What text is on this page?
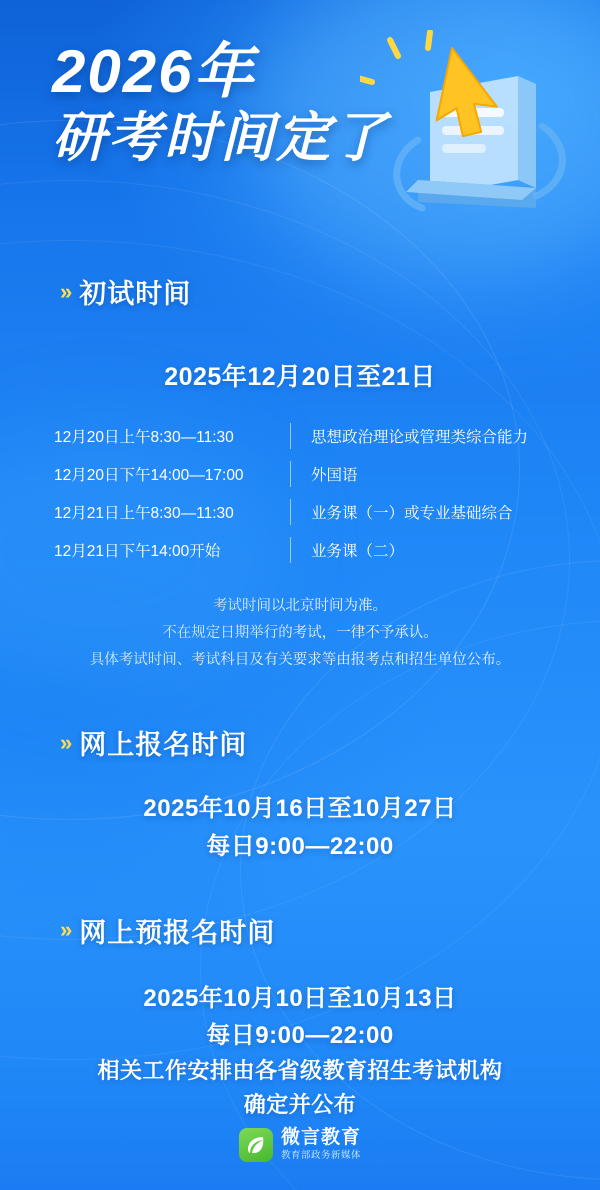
2026年
研考时间定了
» 初试时间
2025年12月20日至21日
12月20日上午8:30—11:30	思想政治理论或管理类综合能力
12月20日下午14:00—17:00	外国语
12月21日上午8:30—11:30	业务课（一）或专业基础综合
12月21日下午14:00开始	业务课（二）
考试时间以北京时间为准。
不在规定日期举行的考试，一律不予承认。
具体考试时间、考试科目及有关要求等由报考点和招生单位公布。
» 网上报名时间
2025年10月16日至10月27日
每日9:00—22:00
» 网上预报名时间
2025年10月10日至10月13日
每日9:00—22:00
相关工作安排由各省级教育招生考试机构
确定并公布
微言教育
教育部政务新媒体
